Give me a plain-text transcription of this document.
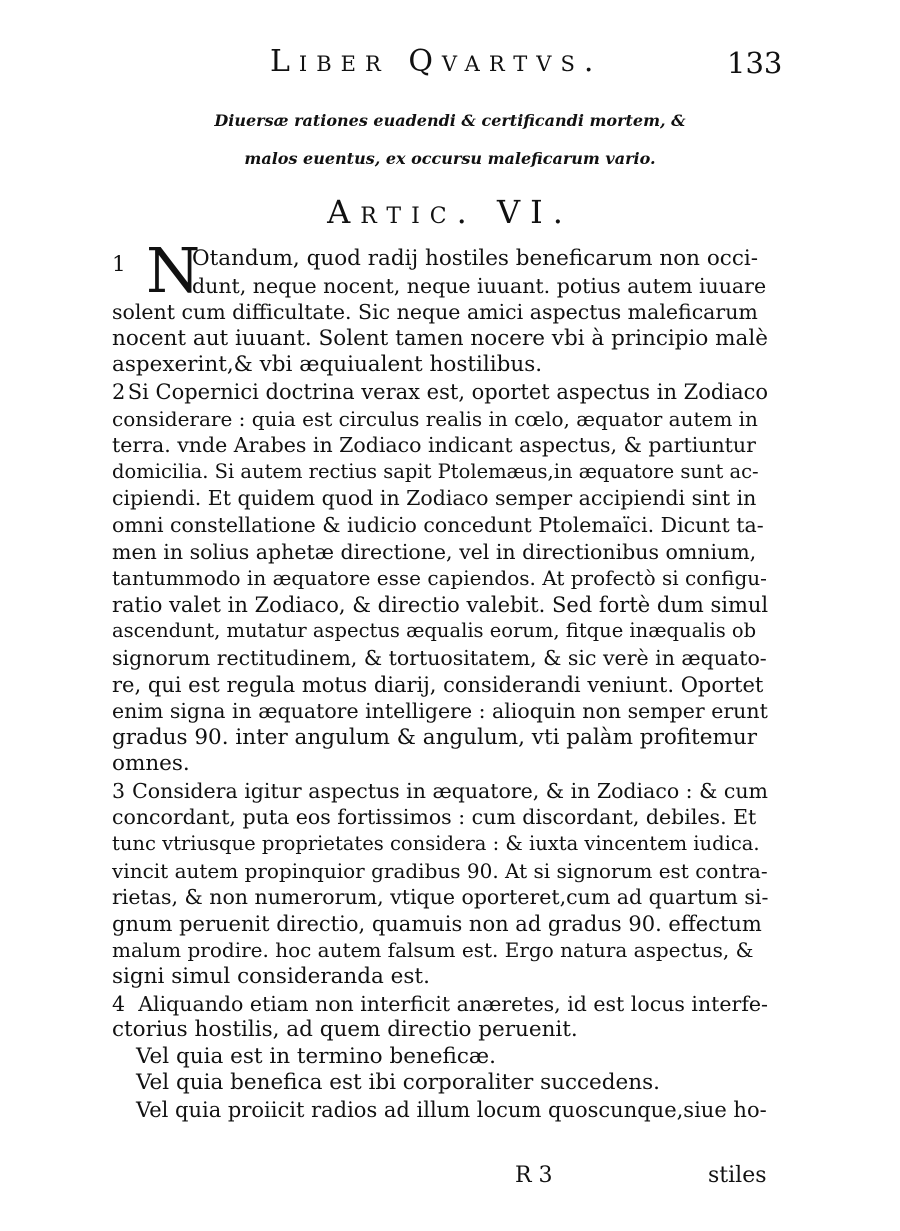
Liber Qvartvs.	133
Diuersæ rationes euadendi & certificandi mortem, &
malos euentus, ex occursu maleficarum vario.
Artic. VI.
1 N
Otandum, quod radij hostiles beneficarum non occi-
dunt, neque nocent, neque iuuant. potius autem iuuare
solent cum difficultate. Sic neque amici aspectus maleficarum
nocent aut iuuant. Solent tamen nocere vbi à principio malè
aspexerint,& vbi æquiualent hostilibus.
2 Si Copernici doctrina verax est, oportet aspectus in Zodiaco
considerare : quia est circulus realis in cœlo, æquator autem in
terra. vnde Arabes in Zodiaco indicant aspectus, & partiuntur
domicilia. Si autem rectius sapit Ptolemæus,in æquatore sunt ac-
cipiendi. Et quidem quod in Zodiaco semper accipiendi sint in
omni constellatione & iudicio concedunt Ptolemaïci. Dicunt ta-
men in solius aphetæ directione, vel in directionibus omnium,
tantummodo in æquatore esse capiendos. At profectò si configu-
ratio valet in Zodiaco, & directio valebit. Sed fortè dum simul
ascendunt, mutatur aspectus æqualis eorum, fitque inæqualis ob
signorum rectitudinem, & tortuositatem, & sic verè in æquato-
re, qui est regula motus diarij, considerandi veniunt. Oportet
enim signa in æquatore intelligere : alioquin non semper erunt
gradus 90. inter angulum & angulum, vti palàm profitemur
omnes.
3 Considera igitur aspectus in æquatore, & in Zodiaco : & cum
concordant, puta eos fortissimos : cum discordant, debiles. Et
tunc vtriusque proprietates considera : & iuxta vincentem iudica.
vincit autem propinquior gradibus 90. At si signorum est contra-
rietas, & non numerorum, vtique oporteret,cum ad quartum si-
gnum peruenit directio, quamuis non ad gradus 90. effectum
malum prodire. hoc autem falsum est. Ergo natura aspectus, &
signi simul consideranda est.
4 Aliquando etiam non interficit anæretes, id est locus interfe-
ctorius hostilis, ad quem directio peruenit.
Vel quia est in termino beneficæ.
Vel quia benefica est ibi corporaliter succedens.
Vel quia proiicit radios ad illum locum quoscunque,siue ho-
R 3	stiles
